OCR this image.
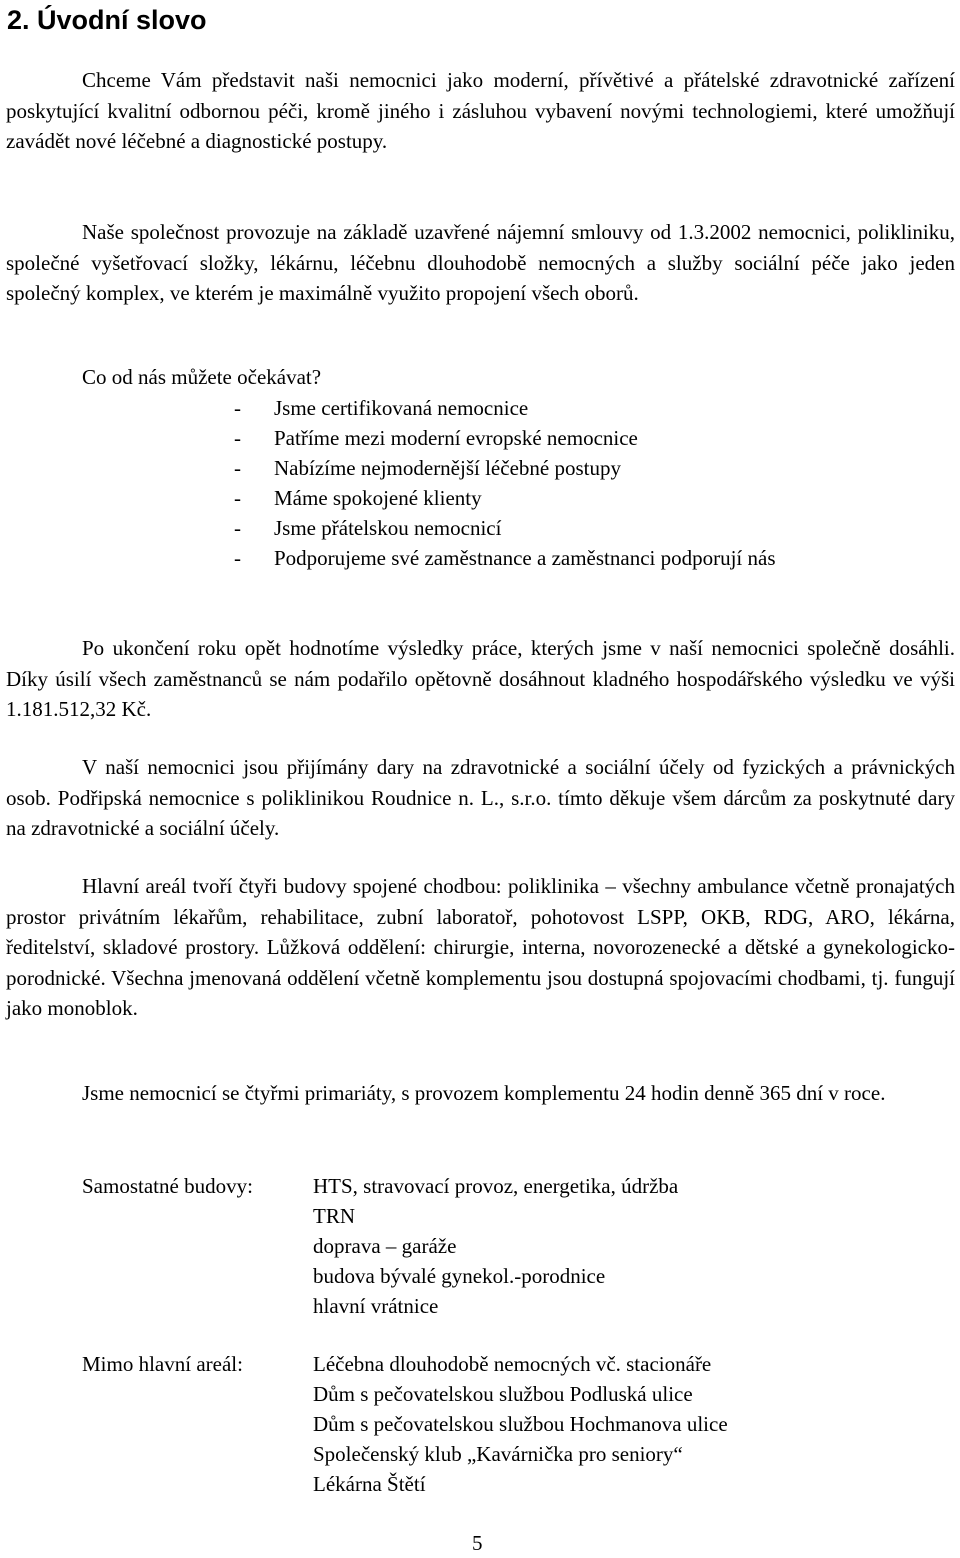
2. Úvodní slovo

Chceme Vám představit naši nemocnici jako moderní, přívětivé a přátelské zdravotnické zařízení poskytující kvalitní odbornou péči, kromě jiného i zásluhou vybavení novými technologiemi, které umožňují zavádět nové léčebné a diagnostické postupy.

Naše společnost provozuje na základě uzavřené nájemní smlouvy od 1.3.2002 nemocnici, polikliniku, společné vyšetřovací složky, lékárnu, léčebnu dlouhodobě nemocných a služby sociální péče jako jeden společný komplex, ve kterém je maximálně využito propojení všech oborů.

Co od nás můžete očekávat?

- Jsme certifikovaná nemocnice
- Patříme mezi moderní evropské nemocnice
- Nabízíme nejmodernější léčebné postupy
- Máme spokojené klienty
- Jsme přátelskou nemocnicí
- Podporujeme své zaměstnance a zaměstnanci podporují nás

Po ukončení roku opět hodnotíme výsledky práce, kterých jsme v naší nemocnici společně dosáhli. Díky úsilí všech zaměstnanců se nám podařilo opětovně dosáhnout kladného hospodářského výsledku ve výši 1.181.512,32 Kč.

V naší nemocnici jsou přijímány dary na zdravotnické a sociální účely od fyzických a právnických osob. Podřipská nemocnice s poliklinikou Roudnice n. L., s.r.o. tímto děkuje všem dárcům za poskytnuté dary na zdravotnické a sociální účely.

Hlavní areál tvoří čtyři budovy spojené chodbou: poliklinika – všechny ambulance včetně pronajatých prostor privátním lékařům, rehabilitace, zubní laboratoř, pohotovost LSPP, OKB, RDG, ARO, lékárna, ředitelství, skladové prostory. Lůžková oddělení: chirurgie, interna, novorozenecké a dětské a gynekologicko-porodnické. Všechna jmenovaná oddělení včetně komplementu jsou dostupná spojovacími chodbami, tj. fungují jako monoblok.

Jsme nemocnicí se čtyřmi primariáty, s provozem komplementu 24 hodin denně 365 dní v roce.

Samostatné budovy:	HTS, stravovací provoz, energetika, údržba
TRN
doprava – garáže
budova bývalé gynekol.-porodnice
hlavní vrátnice

Mimo hlavní areál:	Léčebna dlouhodobě nemocných vč. stacionáře
Dům s pečovatelskou službou Podluská ulice
Dům s pečovatelskou službou Hochmanova ulice
Společenský klub „Kavárnička pro seniory“
Lékárna Štětí

5
